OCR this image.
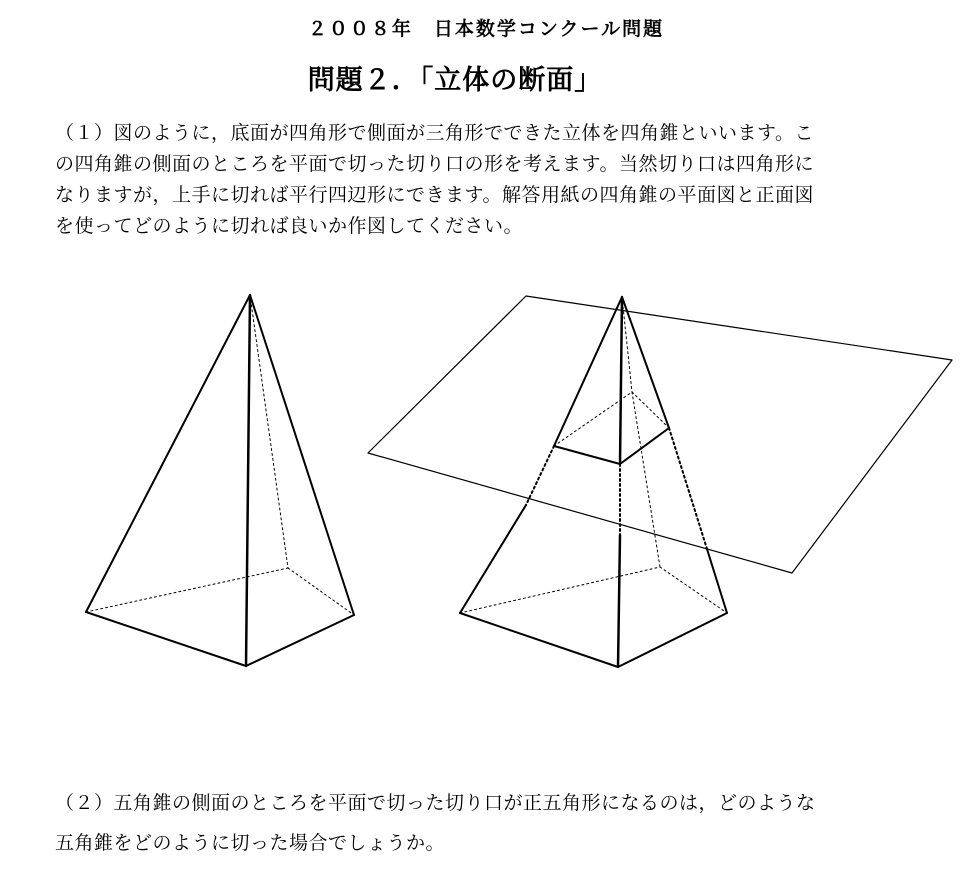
２００８年　日本数学コンクール問題
問題２．「立体の断面」
（１）図のように，底面が四角形で側面が三角形でできた立体を四角錐といいます。こ
の四角錐の側面のところを平面で切った切り口の形を考えます。当然切り口は四角形に
なりますが，上手に切れば平行四辺形にできます。解答用紙の四角錐の平面図と正面図
を使ってどのように切れば良いか作図してください。
（２）五角錐の側面のところを平面で切った切り口が正五角形になるのは，どのような
五角錐をどのように切った場合でしょうか。
